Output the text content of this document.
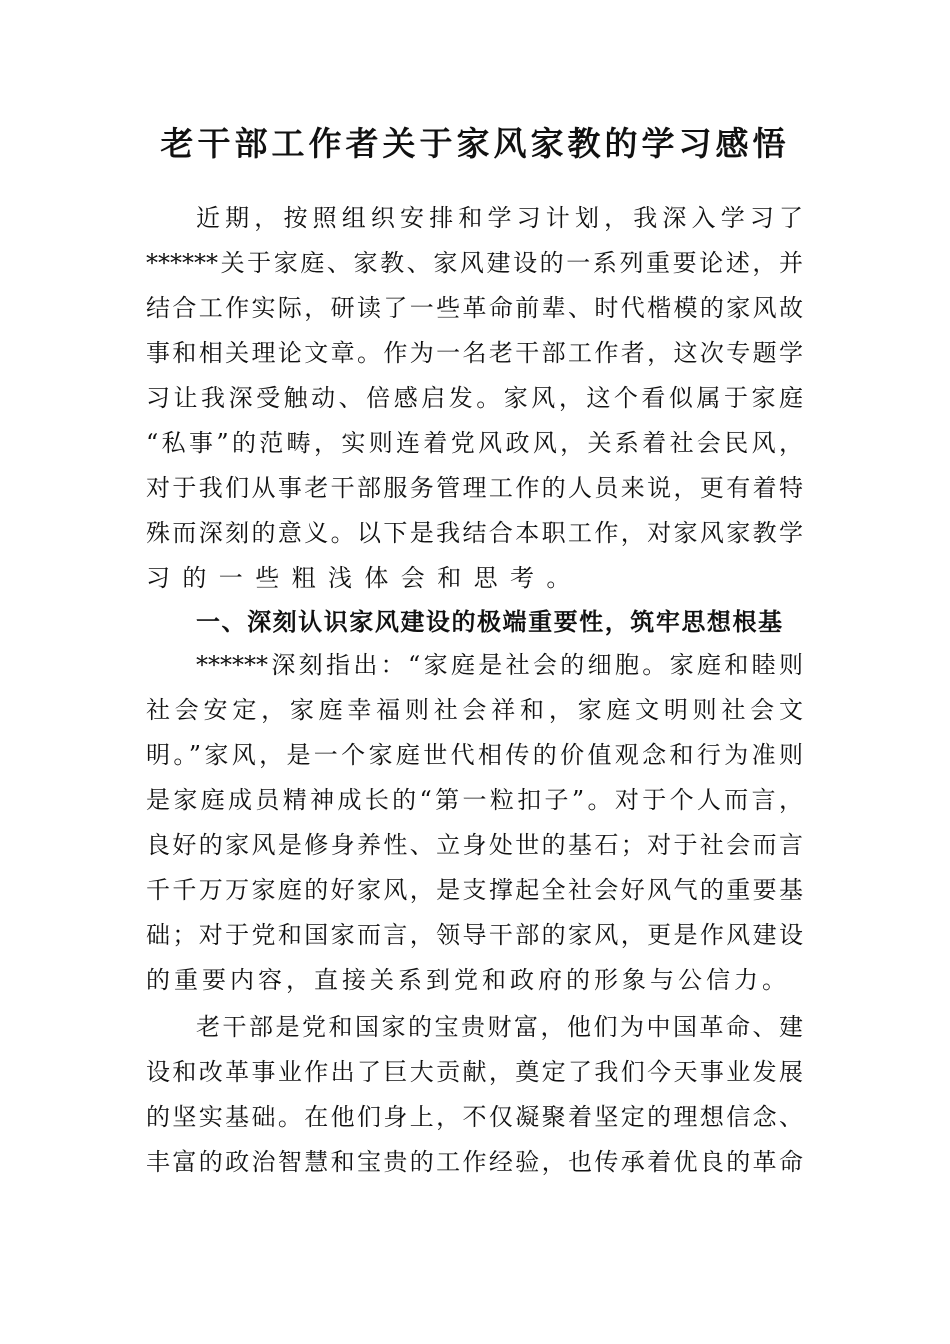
老干部工作者关于家风家教的学习感悟
近期，按照组织安排和学习计划，我深入学习了
******关于家庭、家教、家风建设的一系列重要论述，并
结合工作实际，研读了一些革命前辈、时代楷模的家风故
事和相关理论文章。作为一名老干部工作者，这次专题学
习让我深受触动、倍感启发。家风，这个看似属于家庭
“私事”的范畴，实则连着党风政风，关系着社会民风，
对于我们从事老干部服务管理工作的人员来说，更有着特
殊而深刻的意义。以下是我结合本职工作，对家风家教学
习的一些粗浅体会和思考。
一、深刻认识家风建设的极端重要性，筑牢思想根基
******深刻指出：“家庭是社会的细胞。家庭和睦则
社会安定，家庭幸福则社会祥和，家庭文明则社会文
明。”家风，是一个家庭世代相传的价值观念和行为准则
是家庭成员精神成长的“第一粒扣子”。对于个人而言，
良好的家风是修身养性、立身处世的基石；对于社会而言
千千万万家庭的好家风，是支撑起全社会好风气的重要基
础；对于党和国家而言，领导干部的家风，更是作风建设
的重要内容，直接关系到党和政府的形象与公信力。
老干部是党和国家的宝贵财富，他们为中国革命、建
设和改革事业作出了巨大贡献，奠定了我们今天事业发展
的坚实基础。在他们身上，不仅凝聚着坚定的理想信念、
丰富的政治智慧和宝贵的工作经验，也传承着优良的革命
